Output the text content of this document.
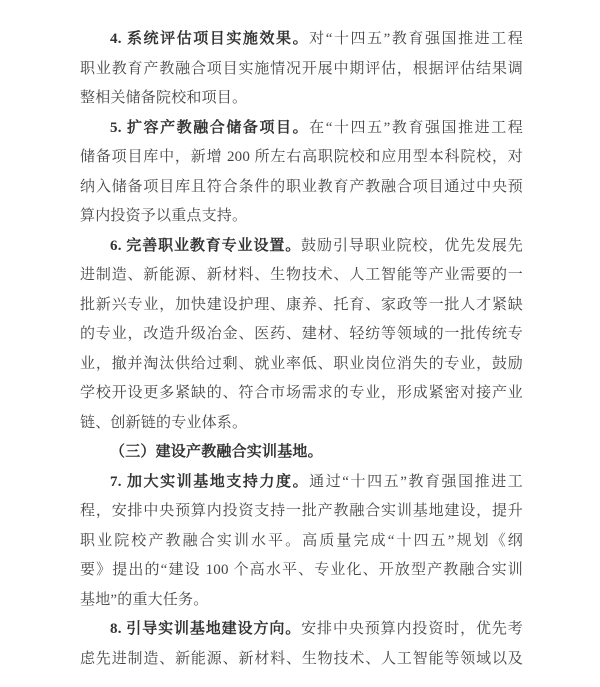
4. 系统评估项目实施效果。对“十四五”教育强国推进工程
职业教育产教融合项目实施情况开展中期评估，根据评估结果调
整相关储备院校和项目。
5. 扩容产教融合储备项目。在“十四五”教育强国推进工程
储备项目库中，新增 200 所左右高职院校和应用型本科院校，对
纳入储备项目库且符合条件的职业教育产教融合项目通过中央预
算内投资予以重点支持。
6. 完善职业教育专业设置。鼓励引导职业院校，优先发展先
进制造、新能源、新材料、生物技术、人工智能等产业需要的一
批新兴专业，加快建设护理、康养、托育、家政等一批人才紧缺
的专业，改造升级冶金、医药、建材、轻纺等领域的一批传统专
业，撤并淘汰供给过剩、就业率低、职业岗位消失的专业，鼓励
学校开设更多紧缺的、符合市场需求的专业，形成紧密对接产业
链、创新链的专业体系。
（三）建设产教融合实训基地。
7. 加大实训基地支持力度。通过“十四五”教育强国推进工
程，安排中央预算内投资支持一批产教融合实训基地建设，提升
职业院校产教融合实训水平。高质量完成“十四五”规划《纲
要》提出的“建设 100 个高水平、专业化、开放型产教融合实训
基地”的重大任务。
8. 引导实训基地建设方向。安排中央预算内投资时，优先考
虑先进制造、新能源、新材料、生物技术、人工智能等领域以及
